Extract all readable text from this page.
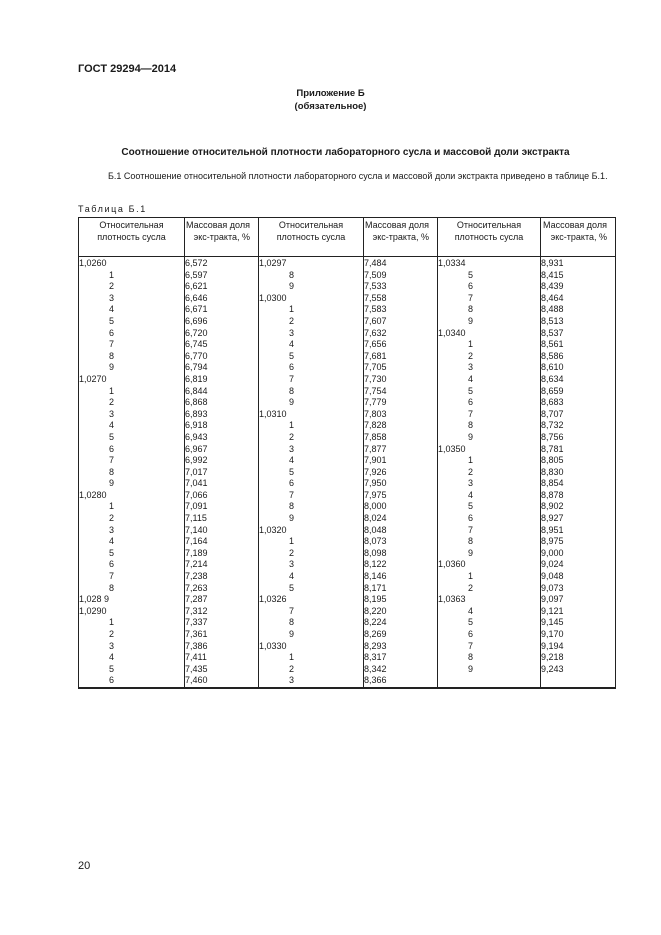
ГОСТ 29294—2014
Приложение Б
(обязательное)
Соотношение относительной плотности лабораторного сусла и массовой доли экстракта
Б.1 Соотношение относительной плотности лабораторного сусла и массовой доли экстракта приведено в таблице Б.1.
Таблица Б.1
Относительная плотность сусла	Массовая доля экс-тракта, %	Относительная плотность сусла	Массовая доля экс-тракта, %	Относительная плотность сусла	Массовая доля экс-тракта, %
1,0260	6,572	1,0297	7,484	1,0334	8,931
1	6,597	8	7,509	5	8,415
2	6,621	9	7,533	6	8,439
3	6,646	1,0300	7,558	7	8,464
4	6,671	1	7,583	8	8,488
5	6,696	2	7,607	9	8,513
6	6,720	3	7,632	1,0340	8,537
7	6,745	4	7,656	1	8,561
8	6,770	5	7,681	2	8,586
9	6,794	6	7,705	3	8,610
1,0270	6,819	7	7,730	4	8,634
1	6,844	8	7,754	5	8,659
2	6,868	9	7,779	6	8,683
3	6,893	1,0310	7,803	7	8,707
4	6,918	1	7,828	8	8,732
5	6,943	2	7,858	9	8,756
6	6,967	3	7,877	1,0350	8,781
7	6,992	4	7,901	1	8,805
8	7,017	5	7,926	2	8,830
9	7,041	6	7,950	3	8,854
1,0280	7,066	7	7,975	4	8,878
1	7,091	8	8,000	5	8,902
2	7,115	9	8,024	6	8,927
3	7,140	1,0320	8,048	7	8,951
4	7,164	1	8,073	8	8,975
5	7,189	2	8,098	9	9,000
6	7,214	3	8,122	1,0360	9,024
7	7,238	4	8,146	1	9,048
8	7,263	5	8,171	2	9,073
1,028 9	7,287	1,0326	8,195	1,0363	9,097
1,0290	7,312	7	8,220	4	9,121
1	7,337	8	8,224	5	9,145
2	7,361	9	8,269	6	9,170
3	7,386	1,0330	8,293	7	9,194
4	7,411	1	8,317	8	9,218
5	7,435	2	8,342	9	9,243
6	7,460	3	8,366		
20
